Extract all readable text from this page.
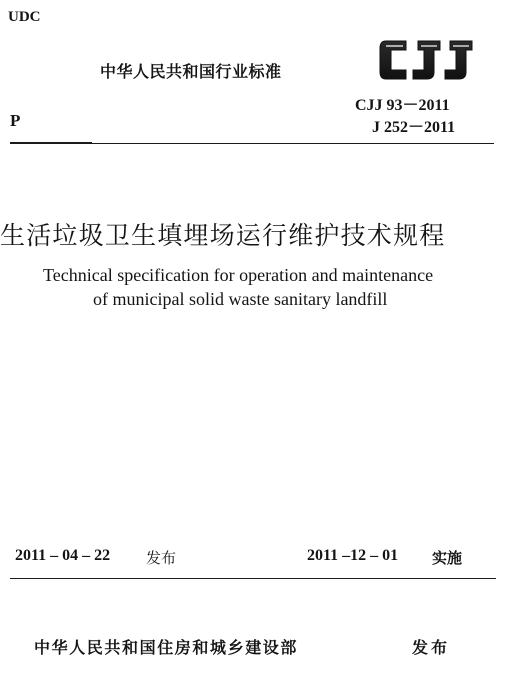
UDC
中华人民共和国行业标准
P
CJJ 93－2011
J 252－2011
生活垃圾卫生填埋场运行维护技术规程
Technical specification for operation and maintenance
of municipal solid waste sanitary landfill
2011 – 04 – 22 发布	2011 –12 – 01 实施
中华人民共和国住房和城乡建设部	发布
